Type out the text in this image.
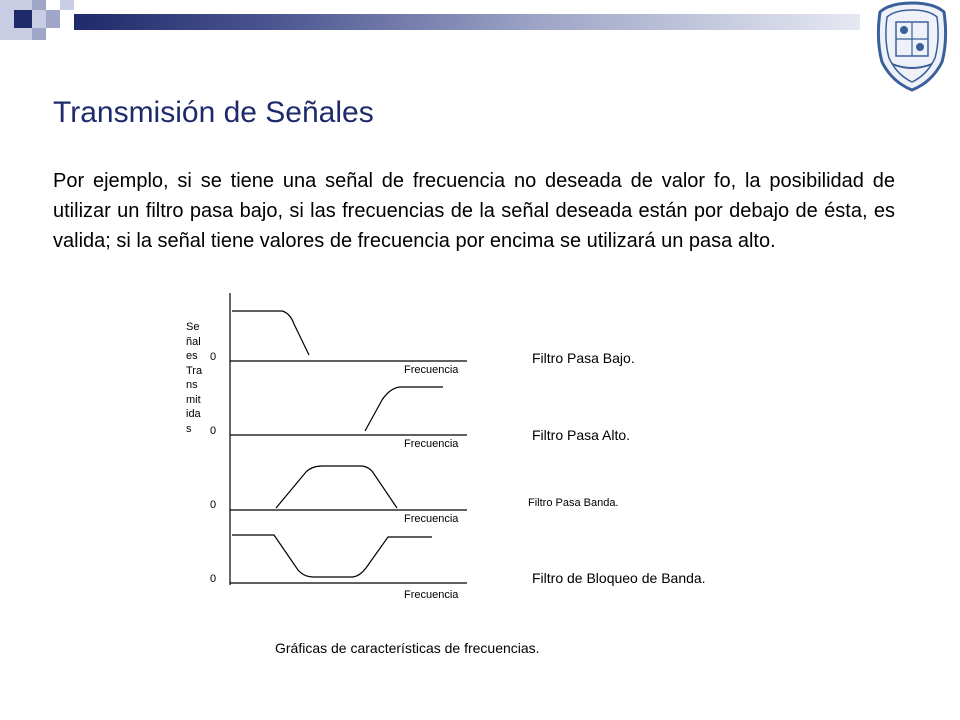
Transmisión de Señales

Por ejemplo, si se tiene una señal de frecuencia no deseada de valor fo, la posibilidad de utilizar un filtro pasa bajo, si las frecuencias de la señal deseada están por debajo de ésta, es valida; si la señal tiene valores de frecuencia por encima se utilizará un pasa alto.

Se
ñal
es
Tra
ns
mit
ida
s
0
0
0
0
Frecuencia
Frecuencia
Frecuencia
Frecuencia
Filtro Pasa Bajo.
Filtro Pasa Alto.
Filtro Pasa Banda.
Filtro de Bloqueo de Banda.
Gráficas de características de frecuencias.
